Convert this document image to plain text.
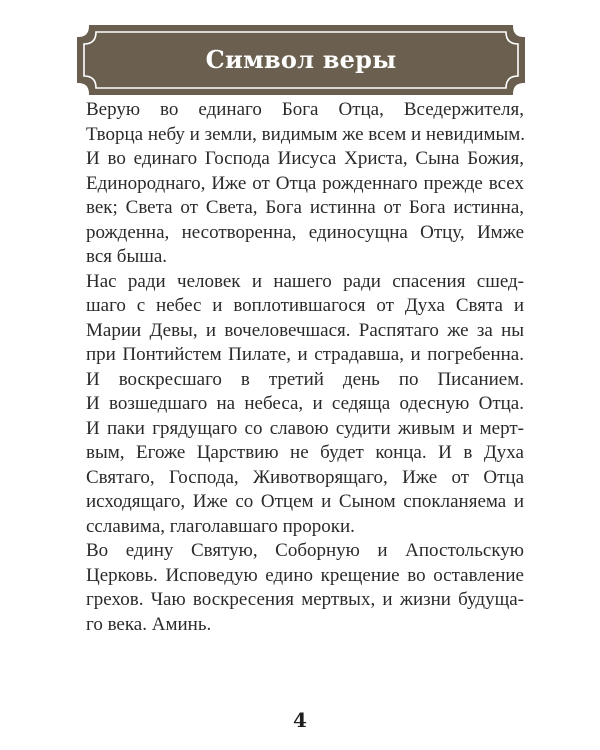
Символ веры

Верую во единаго Бога Отца, Вседержителя,
Творца небу и земли, видимым же всем и невидимым.
И во единаго Господа Иисуса Христа, Сына Божия,
Единороднаго, Иже от Отца рожденнаго прежде всех
век; Света от Света, Бога истинна от Бога истинна,
рожденна, несотворенна, единосущна Отцу, Имже
вся быша.

Нас ради человек и нашего ради спасения сшед-
шаго с небес и воплотившагося от Духа Свята и
Марии Девы, и вочеловечшася. Распятаго же за ны
при Понтийстем Пилате, и страдавша, и погребенна.
И воскресшаго в третий день по Писанием.
И возшедшаго на небеса, и седяща одесную Отца.
И паки грядущаго со славою судити живым и мерт-
вым, Егоже Царствию не будет конца. И в Духа
Святаго, Господа, Животворящаго, Иже от Отца
исходящаго, Иже со Отцем и Сыном спокланяема и
сславима, глаголавшаго пророки.

Во едину Святую, Соборную и Апостольскую
Церковь. Исповедую едино крещение во оставление
грехов. Чаю воскресения мертвых, и жизни будуща-
го века. Аминь.

4
